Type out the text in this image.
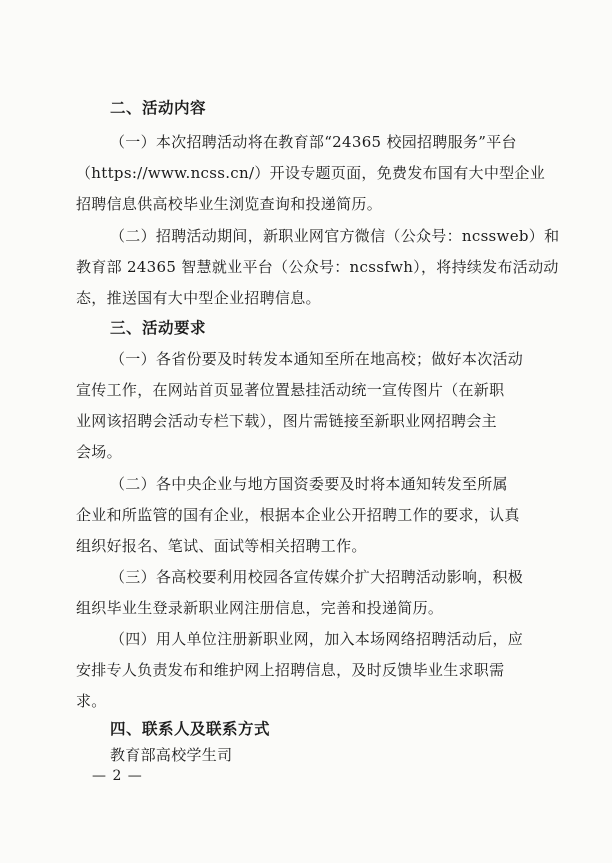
二、活动内容
（一）本次招聘活动将在教育部“24365 校园招聘服务”平台
（https://www.ncss.cn/）开设专题页面，免费发布国有大中型企业
招聘信息供高校毕业生浏览查询和投递简历。
（二）招聘活动期间，新职业网官方微信（公众号：ncssweb）和
教育部 24365 智慧就业平台（公众号：ncssfwh），将持续发布活动动
态，推送国有大中型企业招聘信息。
三、活动要求
（一）各省份要及时转发本通知至所在地高校；做好本次活动
宣传工作，在网站首页显著位置悬挂活动统一宣传图片（在新职
业网该招聘会活动专栏下载），图片需链接至新职业网招聘会主
会场。
（二）各中央企业与地方国资委要及时将本通知转发至所属
企业和所监管的国有企业，根据本企业公开招聘工作的要求，认真
组织好报名、笔试、面试等相关招聘工作。
（三）各高校要利用校园各宣传媒介扩大招聘活动影响，积极
组织毕业生登录新职业网注册信息，完善和投递简历。
（四）用人单位注册新职业网，加入本场网络招聘活动后，应
安排专人负责发布和维护网上招聘信息，及时反馈毕业生求职需
求。
四、联系人及联系方式
教育部高校学生司
— 2 —
